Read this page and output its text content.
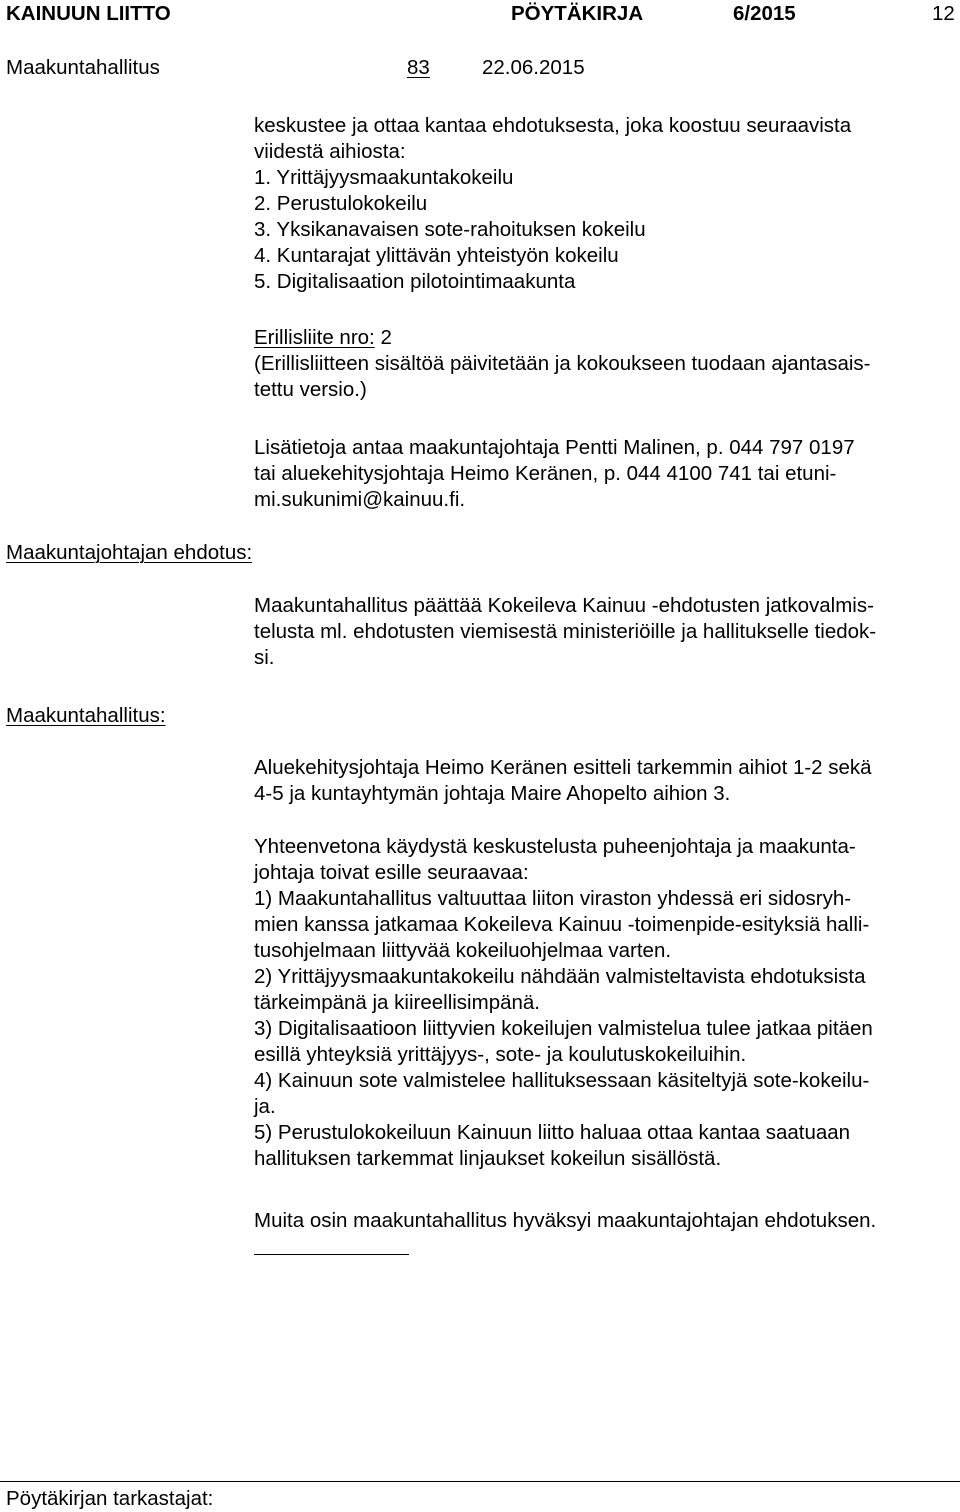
KAINUUN LIITTO	PÖYTÄKIRJA	6/2015	12
Maakuntahallitus	83	22.06.2015
keskustee ja ottaa kantaa ehdotuksesta, joka koostuu seuraavista
viidestä aihiosta:
1. Yrittäjyysmaakuntakokeilu
2. Perustulokokeilu
3. Yksikanavaisen sote-rahoituksen kokeilu
4. Kuntarajat ylittävän yhteistyön kokeilu
5. Digitalisaation pilotointimaakunta
Erillisliite nro: 2
(Erillisliitteen sisältöä päivitetään ja kokoukseen tuodaan ajantasais-
tettu versio.)
Lisätietoja antaa maakuntajohtaja Pentti Malinen, p. 044 797 0197
tai aluekehitysjohtaja Heimo Keränen, p. 044 4100 741 tai etuni-
mi.sukunimi@kainuu.fi.
Maakuntajohtajan ehdotus:
Maakuntahallitus päättää Kokeileva Kainuu -ehdotusten jatkovalmis-
telusta ml. ehdotusten viemisestä ministeriöille ja hallitukselle tiedok-
si.
Maakuntahallitus:
Aluekehitysjohtaja Heimo Keränen esitteli tarkemmin aihiot 1-2 sekä
4-5 ja kuntayhtymän johtaja Maire Ahopelto aihion 3.
Yhteenvetona käydystä keskustelusta puheenjohtaja ja maakunta-
johtaja toivat esille seuraavaa:
1) Maakuntahallitus valtuuttaa liiton viraston yhdessä eri sidosryh-
mien kanssa jatkamaa Kokeileva Kainuu -toimenpide-esityksiä halli-
tusohjelmaan liittyvää kokeiluohjelmaa varten.
2) Yrittäjyysmaakuntakokeilu nähdään valmisteltavista ehdotuksista
tärkeimpänä ja kiireellisimpänä.
3) Digitalisaatioon liittyvien kokeilujen valmistelua tulee jatkaa pitäen
esillä yhteyksiä yrittäjyys-, sote- ja koulutuskokeiluihin.
4) Kainuun sote valmistelee hallituksessaan käsiteltyjä sote-kokeilu-
ja.
5) Perustulokokeiluun Kainuun liitto haluaa ottaa kantaa saatuaan
hallituksen tarkemmat linjaukset kokeilun sisällöstä.
Muita osin maakuntahallitus hyväksyi maakuntajohtajan ehdotuksen.
Pöytäkirjan tarkastajat:
